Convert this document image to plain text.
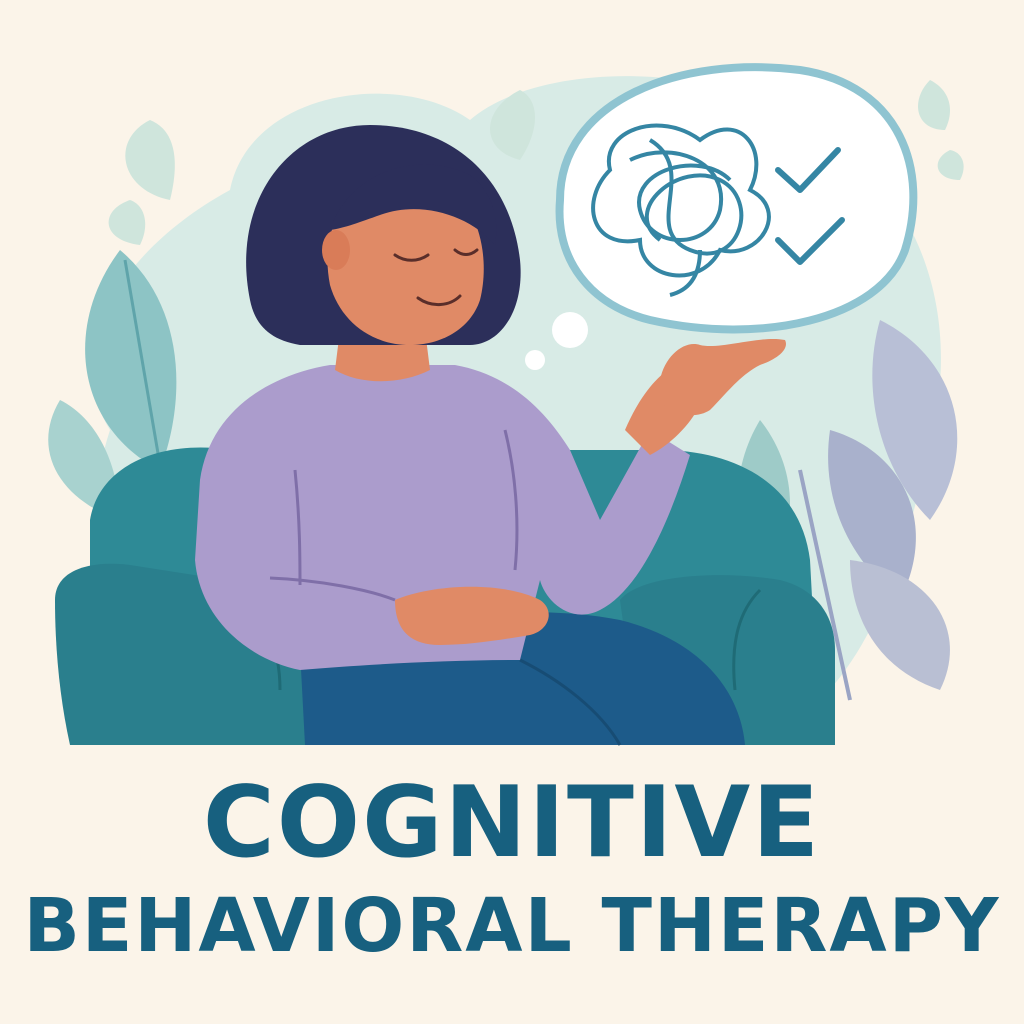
COGNITIVE
BEHAVIORAL THERAPY
